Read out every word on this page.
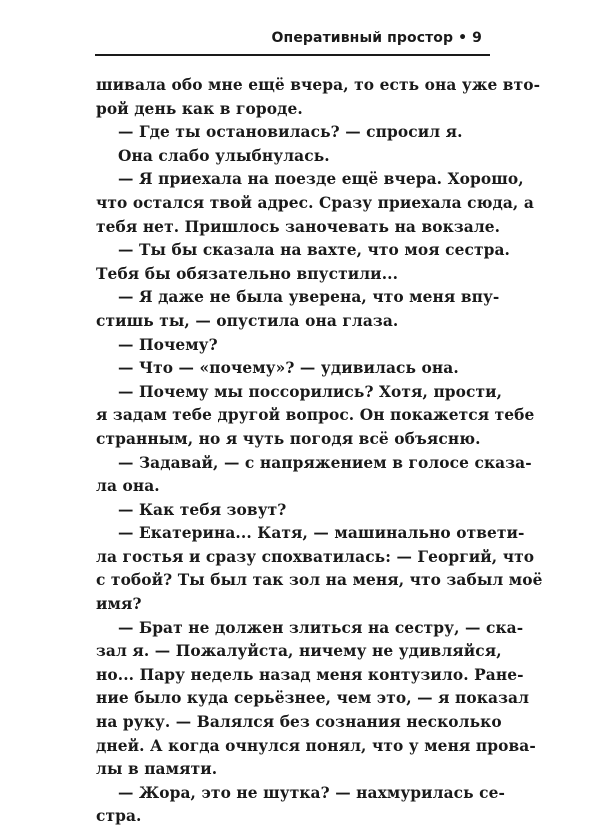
Оперативный простор • 9
шивала обо мне ещё вчера, то есть она уже вто-
рой день как в городе.
— Где ты остановилась? — спросил я.
Она слабо улыбнулась.
— Я приехала на поезде ещё вчера. Хорошо,
что остался твой адрес. Сразу приехала сюда, а
тебя нет. Пришлось заночевать на вокзале.
— Ты бы сказала на вахте, что моя сестра.
Тебя бы обязательно впустили...
— Я даже не была уверена, что меня впу-
стишь ты, — опустила она глаза.
— Почему?
— Что — «почему»? — удивилась она.
— Почему мы поссорились? Хотя, прости,
я задам тебе другой вопрос. Он покажется тебе
странным, но я чуть погодя всё объясню.
— Задавай, — с напряжением в голосе сказа-
ла она.
— Как тебя зовут?
— Екатерина... Катя, — машинально ответи-
ла гостья и сразу спохватилась: — Георгий, что
с тобой? Ты был так зол на меня, что забыл моё
имя?
— Брат не должен злиться на сестру, — ска-
зал я. — Пожалуйста, ничему не удивляйся,
но... Пару недель назад меня контузило. Ране-
ние было куда серьёзнее, чем это, — я показал
на руку. — Валялся без сознания несколько
дней. А когда очнулся понял, что у меня прова-
лы в памяти.
— Жора, это не шутка? — нахмурилась се-
стра.
